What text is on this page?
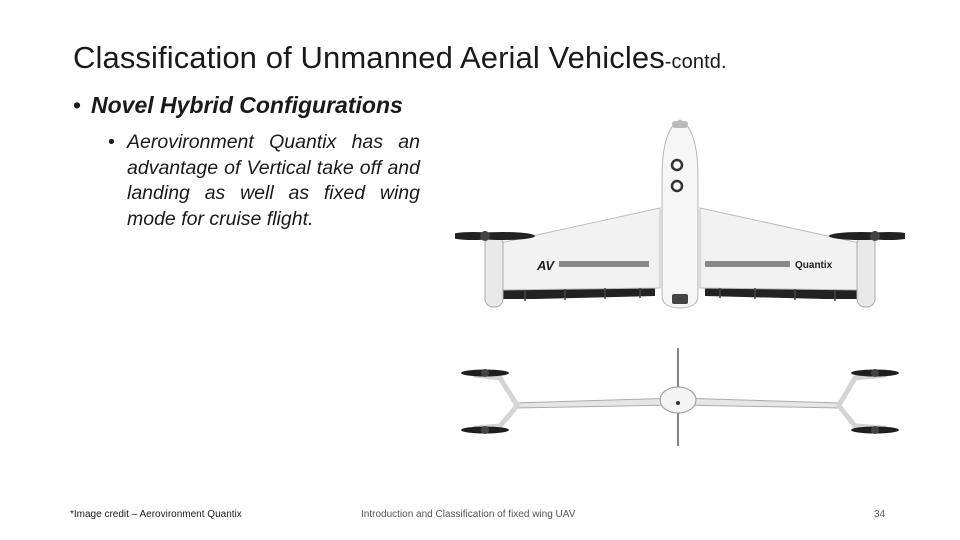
Classification of Unmanned Aerial Vehicles-contd.
• Novel Hybrid Configurations
• Aerovironment Quantix has an advantage of Vertical take off and landing as well as fixed wing mode for cruise flight.
AV	Quantix
*Image credit – Aerovironment Quantix	Introduction and Classification of fixed wing UAV	34
